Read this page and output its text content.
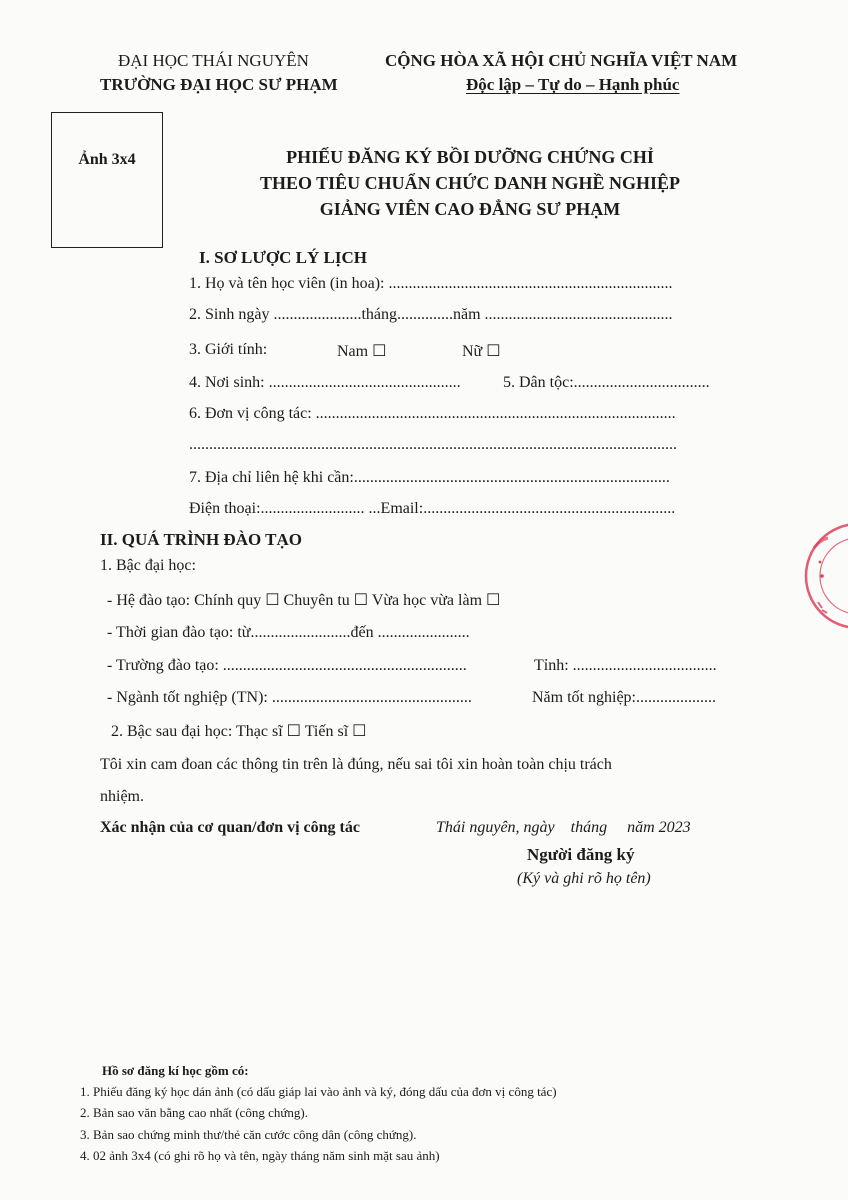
ĐẠI HỌC THÁI NGUYÊN
TRƯỜNG ĐẠI HỌC SƯ PHẠM
CỘNG HÒA XÃ HỘI CHỦ NGHĨA VIỆT NAM
Độc lập – Tự do – Hạnh phúc
Ảnh 3x4	PHIẾU ĐĂNG KÝ BỒI DƯỠNG CHỨNG CHỈ
THEO TIÊU CHUẨN CHỨC DANH NGHỀ NGHIỆP
GIẢNG VIÊN CAO ĐẲNG SƯ PHẠM
I. SƠ LƯỢC LÝ LỊCH
1. Họ và tên học viên (in hoa): .......................................................................
2. Sinh ngày ......................tháng..............năm ...............................................
3. Giới tính:	Nam ☐	Nữ ☐
4. Nơi sinh: ................................................	5. Dân tộc:..................................
6. Đơn vị công tác: ..........................................................................................
..........................................................................................................................
7. Địa chỉ liên hệ khi cần:...............................................................................
Điện thoại:.......................... ...Email:...............................................................
II. QUÁ TRÌNH ĐÀO TẠO
1. Bậc đại học:
- Hệ đào tạo: Chính quy ☐ Chuyên tu ☐ Vừa học vừa làm ☐
- Thời gian đào tạo: từ.........................đến .......................
- Trường đào tạo: .............................................................	Tỉnh: ....................................
- Ngành tốt nghiệp (TN): ..................................................	Năm tốt nghiệp:....................
2. Bậc sau đại học: Thạc sĩ ☐ Tiến sĩ ☐
Tôi xin cam đoan các thông tin trên là đúng, nếu sai tôi xin hoàn toàn chịu trách
nhiệm.
Xác nhận của cơ quan/đơn vị công tác	Thái nguyên, ngày    tháng     năm 2023
Người đăng ký
(Ký và ghi rõ họ tên)
Hồ sơ đăng kí học gồm có:
1. Phiếu đăng ký học dán ảnh (có dấu giáp lai vào ảnh và ký, đóng dấu của đơn vị công tác)
2. Bản sao văn bằng cao nhất (công chứng).
3. Bản sao chứng minh thư/thẻ căn cước công dân (công chứng).
4. 02 ảnh 3x4 (có ghi rõ họ và tên, ngày tháng năm sinh mặt sau ảnh)
